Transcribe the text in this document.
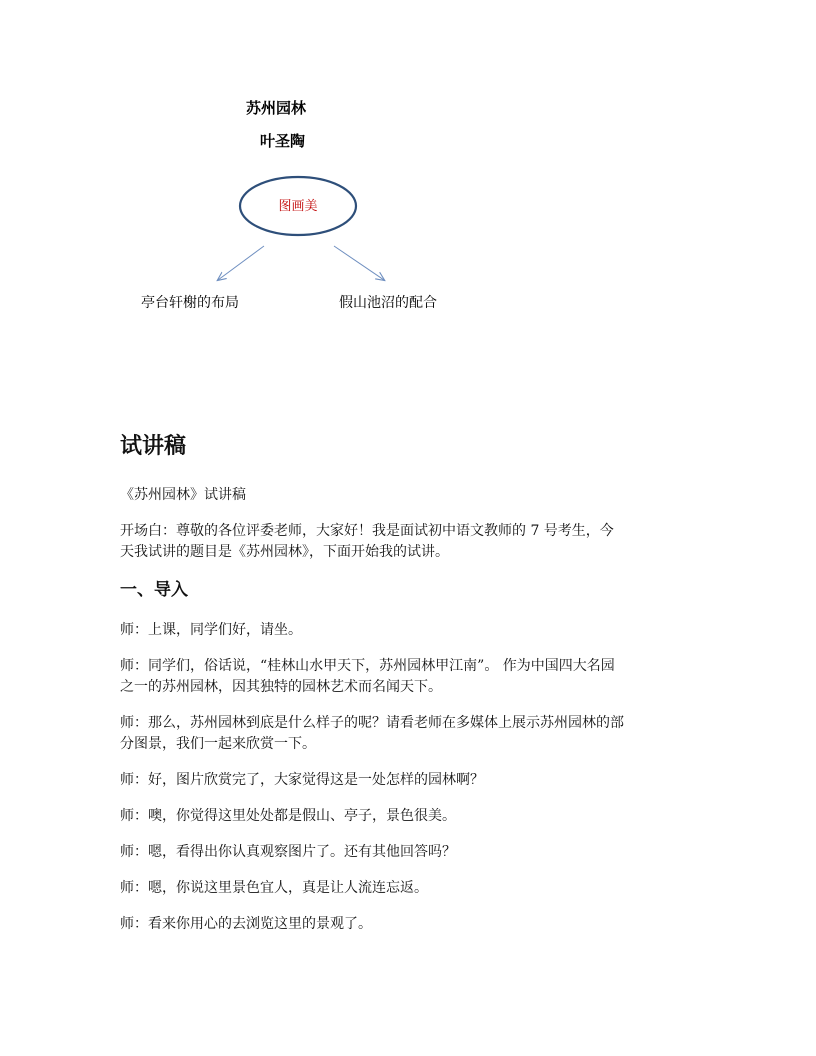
苏州园林
叶圣陶
图画美
亭台轩榭的布局	假山池沼的配合
试讲稿
《苏州园林》试讲稿
开场白：尊敬的各位评委老师，大家好！我是面试初中语文教师的 7 号考生，今
天我试讲的题目是《苏州园林》，下面开始我的试讲。
一、导入
师：上课，同学们好，请坐。
师：同学们，俗话说，“桂林山水甲天下，苏州园林甲江南”。 作为中国四大名园
之一的苏州园林，因其独特的园林艺术而名闻天下。
师：那么，苏州园林到底是什么样子的呢？请看老师在多媒体上展示苏州园林的部
分图景，我们一起来欣赏一下。
师：好，图片欣赏完了，大家觉得这是一处怎样的园林啊？
师：噢，你觉得这里处处都是假山、亭子，景色很美。
师：嗯，看得出你认真观察图片了。还有其他回答吗？
师：嗯，你说这里景色宜人，真是让人流连忘返。
师：看来你用心的去浏览这里的景观了。
